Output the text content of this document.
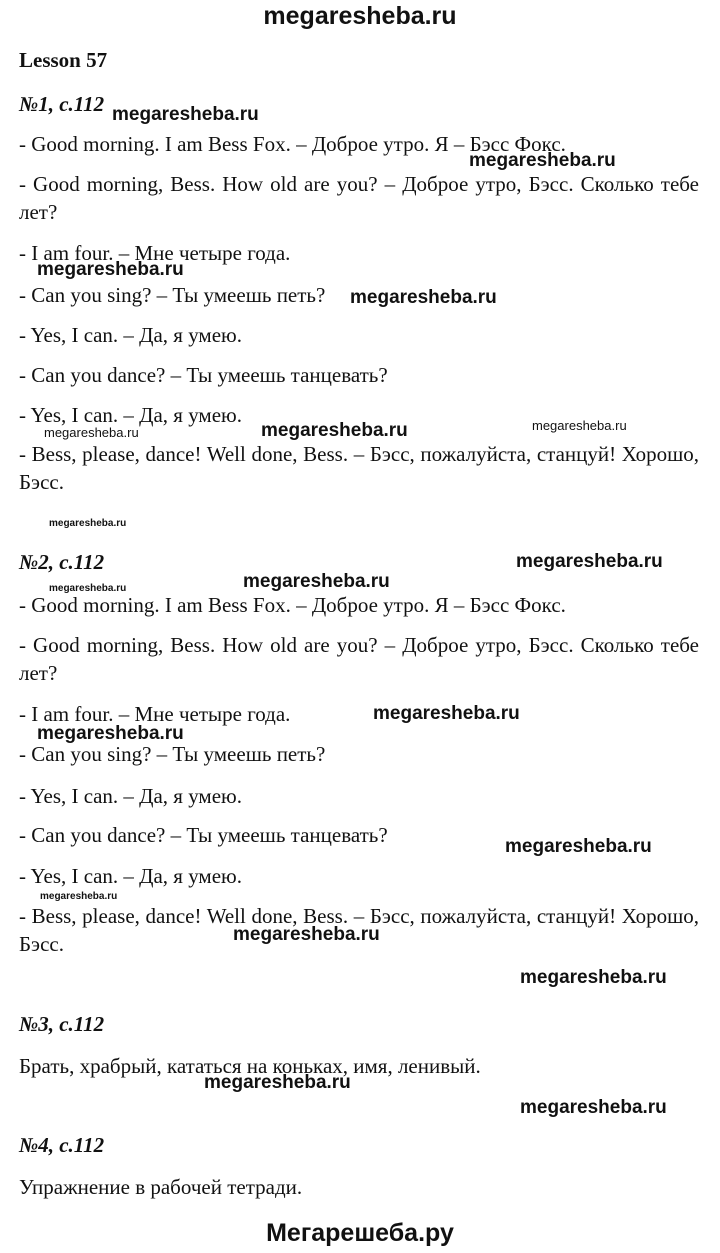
megaresheba.ru
Lesson 57
№1, с.112
- Good morning. I am Bess Fox. – Доброе утро. Я – Бэсс Фокс.
- Good morning, Bess. How old are you? – Доброе утро, Бэсс. Сколько тебе лет?
- I am four. – Мне четыре года.
- Can you sing? – Ты умеешь петь?
- Yes, I can. – Да, я умею.
- Can you dance? – Ты умеешь танцевать?
- Yes, I can. – Да, я умею.
- Bess, please, dance! Well done, Bess. – Бэсс, пожалуйста, станцуй! Хорошо, Бэсс.
№2, с.112
- Good morning. I am Bess Fox. – Доброе утро. Я – Бэсс Фокс.
- Good morning, Bess. How old are you? – Доброе утро, Бэсс. Сколько тебе лет?
- I am four. – Мне четыре года.
- Can you sing? – Ты умеешь петь?
- Yes, I can. – Да, я умею.
- Can you dance? – Ты умеешь танцевать?
- Yes, I can. – Да, я умею.
- Bess, please, dance! Well done, Bess. – Бэсс, пожалуйста, станцуй! Хорошо, Бэсс.
№3, с.112
Брать, храбрый, кататься на коньках, имя, ленивый.
№4, с.112
Упражнение в рабочей тетради.
megaresheba.ru
megaresheba.ru
megaresheba.ru
megaresheba.ru
megaresheba.ru	megaresheba.ru	megaresheba.ru
megaresheba.ru
megaresheba.ru
megaresheba.ru	megaresheba.ru
megaresheba.ru
megaresheba.ru
megaresheba.ru
megaresheba.ru
megaresheba.ru
megaresheba.ru
megaresheba.ru
megaresheba.ru
Мегарешеба.ру
